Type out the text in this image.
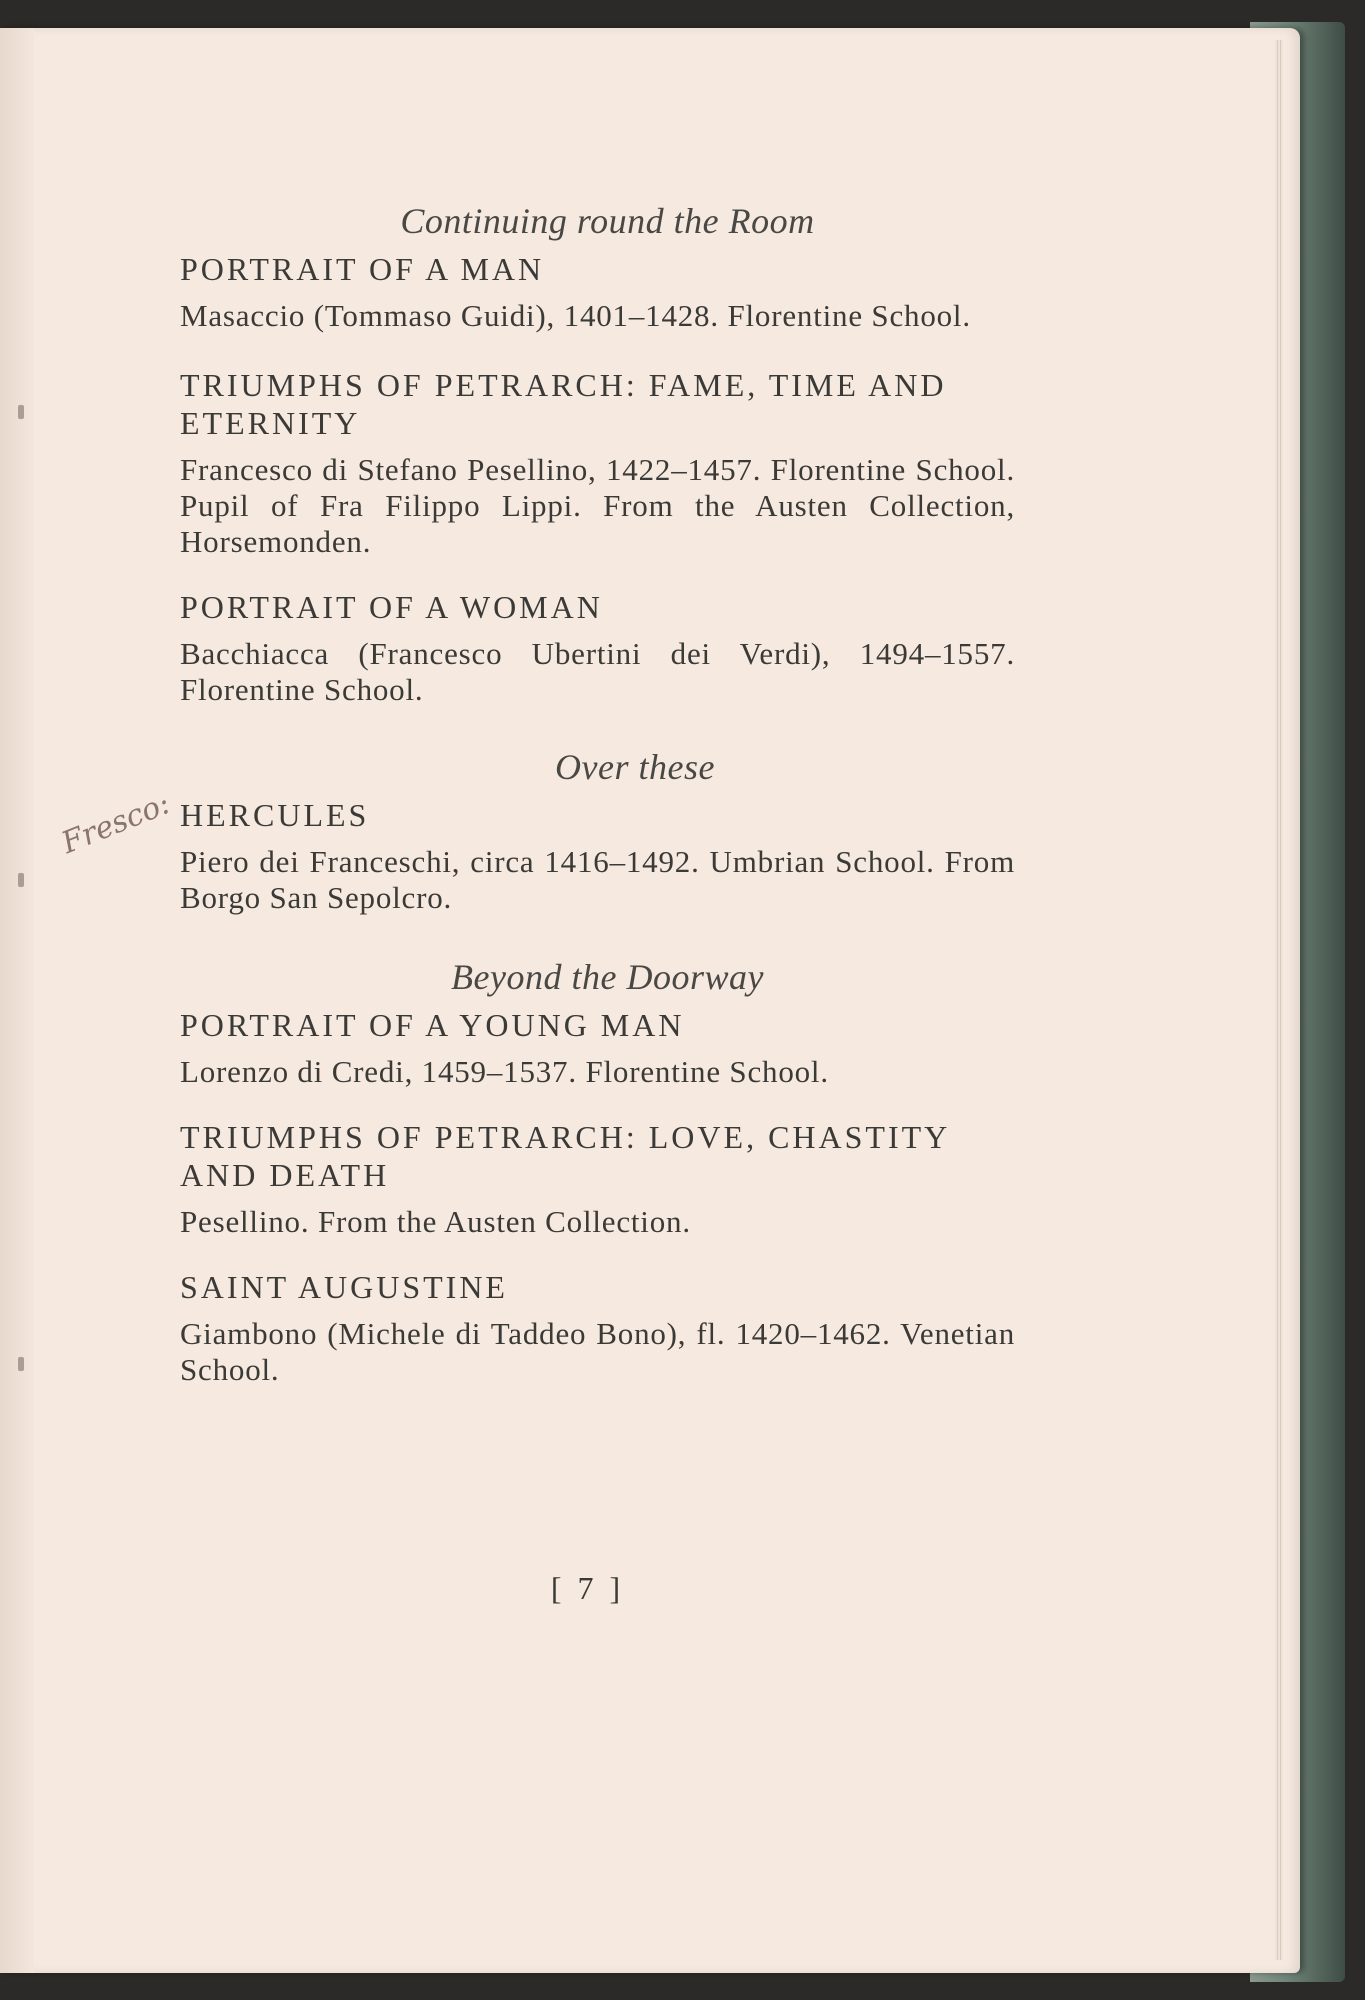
Fresco:

Continuing round the Room

PORTRAIT OF A MAN

Masaccio (Tommaso Guidi), 1401–1428. Florentine School.

TRIUMPHS OF PETRARCH: FAME, TIME AND ETERNITY

Francesco di Stefano Pesellino, 1422–1457. Florentine School. Pupil of Fra Filippo Lippi. From the Austen Collection, Horsemonden.

PORTRAIT OF A WOMAN

Bacchiacca (Francesco Ubertini dei Verdi), 1494–1557. Florentine School.

Over these

HERCULES

Piero dei Franceschi, circa 1416–1492. Umbrian School. From Borgo San Sepolcro.

Beyond the Doorway

PORTRAIT OF A YOUNG MAN

Lorenzo di Credi, 1459–1537. Florentine School.

TRIUMPHS OF PETRARCH: LOVE, CHASTITY AND DEATH

Pesellino. From the Austen Collection.

SAINT AUGUSTINE

Giambono (Michele di Taddeo Bono), fl. 1420–1462. Venetian School.

[ 7 ]
